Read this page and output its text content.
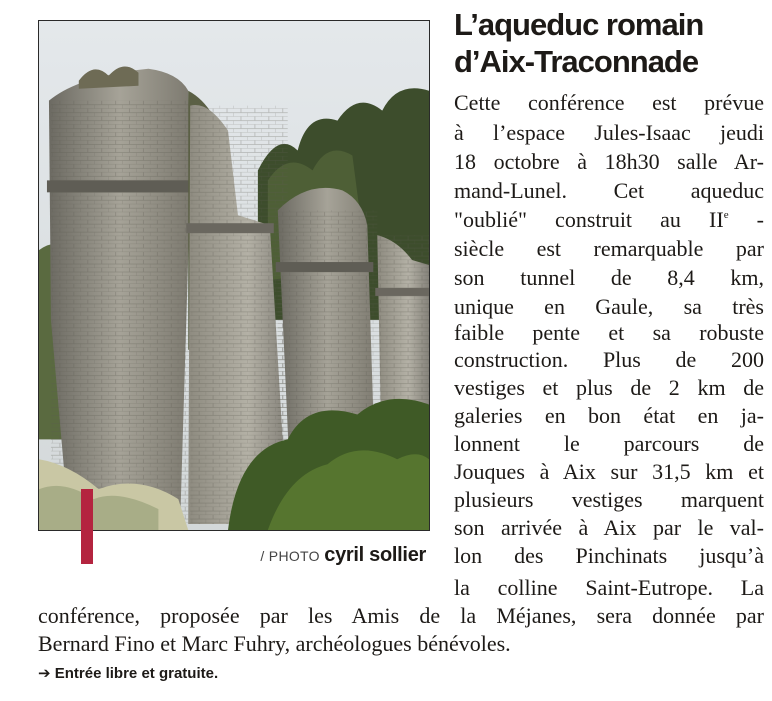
/ PHOTO cyril sollier
L’aqueduc romain
d’Aix-Traconnade
Cette conférence est prévue
à l’espace Jules-Isaac jeudi
18 octobre à 18h30 salle Ar-
mand-Lunel. Cet aqueduc
"oublié" construit au IIe -
siècle est remarquable par
son tunnel de 8,4 km,
unique en Gaule, sa très
faible pente et sa robuste
construction. Plus de 200
vestiges et plus de 2 km de
galeries en bon état en ja-
lonnent le parcours de
Jouques à Aix sur 31,5 km et
plusieurs vestiges marquent
son arrivée à Aix par le val-
lon des Pinchinats jusqu’à
la colline Saint-Eutrope. La
conférence, proposée par les Amis de la Méjanes, sera donnée par
Bernard Fino et Marc Fuhry, archéologues bénévoles.
➔ Entrée libre et gratuite.
